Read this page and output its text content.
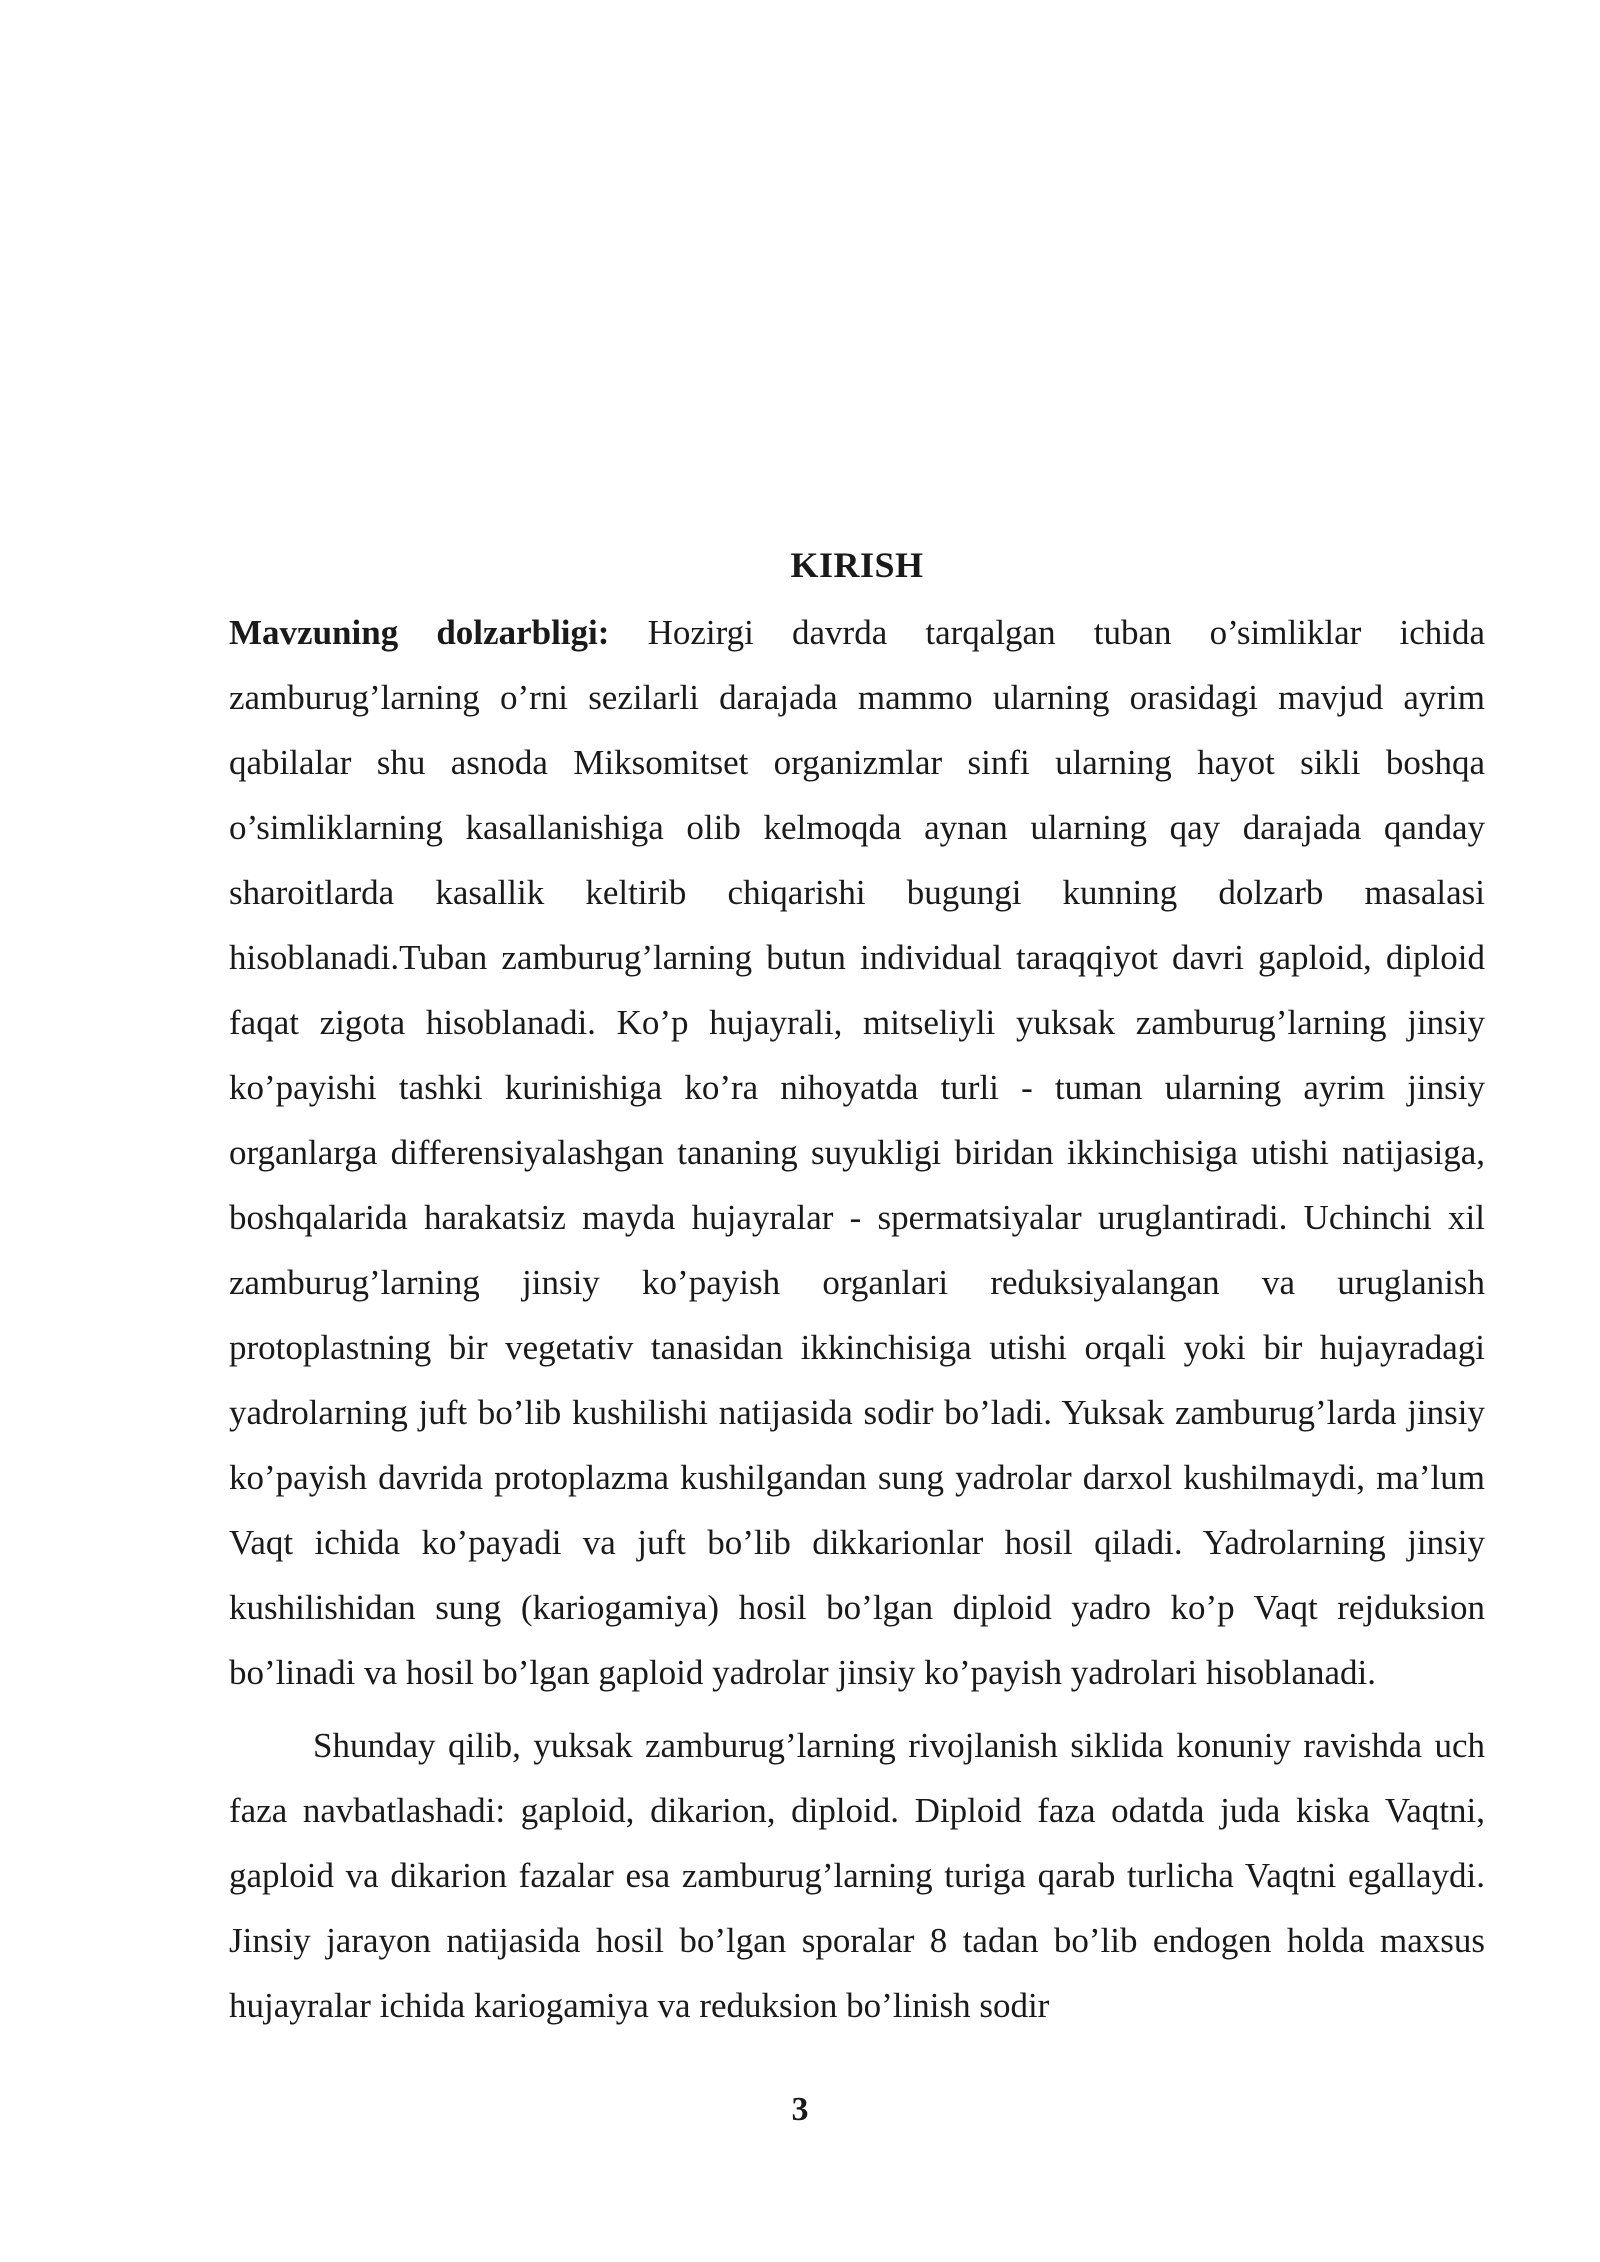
KIRISH

Mavzuning dolzarbligi: Hozirgi davrda tarqalgan tuban o’simliklar ichida zamburug’larning o’rni sezilarli darajada mammo ularning orasidagi mavjud ayrim qabilalar shu asnoda Miksomitset organizmlar sinfi ularning hayot sikli boshqa o’simliklarning kasallanishiga olib kelmoqda aynan ularning qay darajada qanday sharoitlarda kasallik keltirib chiqarishi bugungi kunning dolzarb masalasi hisoblanadi.Tuban zamburug’larning butun individual taraqqiyot davri gaploid, diploid faqat zigota hisoblanadi. Ko’p hujayrali, mitseliyli yuksak zamburug’larning jinsiy ko’payishi tashki kurinishiga ko’ra nihoyatda turli - tuman ularning ayrim jinsiy organlarga differensiyalashgan tananing suyukligi biridan ikkinchisiga utishi natijasiga, boshqalarida harakatsiz mayda hujayralar - spermatsiyalar uruglantiradi. Uchinchi xil zamburug’larning jinsiy ko’payish organlari reduksiyalangan va uruglanish protoplastning bir vegetativ tanasidan ikkinchisiga utishi orqali yoki bir hujayradagi yadrolarning juft bo’lib kushilishi natijasida sodir bo’ladi. Yuksak zamburug’larda jinsiy ko’payish davrida protoplazma kushilgandan sung yadrolar darxol kushilmaydi, ma’lum Vaqt ichida ko’payadi va juft bo’lib dikkarionlar hosil qiladi. Yadrolarning jinsiy kushilishidan sung (kariogamiya) hosil bo’lgan diploid yadro ko’p Vaqt rejduksion bo’linadi va hosil bo’lgan gaploid yadrolar jinsiy ko’payish yadrolari hisoblanadi.

Shunday qilib, yuksak zamburug’larning rivojlanish siklida konuniy ravishda uch faza navbatlashadi: gaploid, dikarion, diploid. Diploid faza odatda juda kiska Vaqtni, gaploid va dikarion fazalar esa zamburug’larning turiga qarab turlicha Vaqtni egallaydi. Jinsiy jarayon natijasida hosil bo’lgan sporalar 8 tadan bo’lib endogen holda maxsus hujayralar ichida kariogamiya va reduksion bo’linish sodir

3
